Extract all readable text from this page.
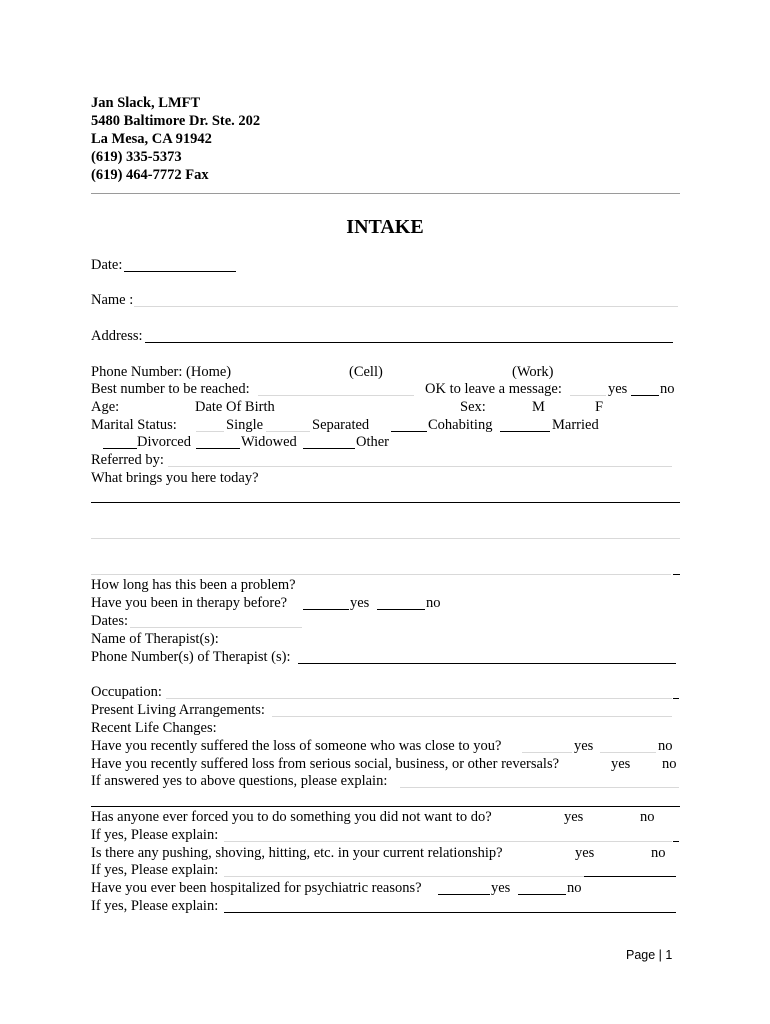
Jan Slack, LMFT
5480 Baltimore Dr. Ste. 202
La Mesa, CA 91942
(619) 335-5373
(619) 464-7772 Fax
INTAKE
Date:
Name :
Address:
Phone Number: (Home)	(Cell)	(Work)
Best number to be reached:	OK to leave a message:	yes no
Age:	Date Of Birth	Sex:	M	F
Marital Status:	Single	Separated	Cohabiting	Married
Divorced	Widowed	Other
Referred by:
What brings you here today?
How long has this been a problem?
Have you been in therapy before?	yes	no
Dates:
Name of Therapist(s):
Phone Number(s) of Therapist (s):
Occupation:
Present Living Arrangements:
Recent Life Changes:
Have you recently suffered the loss of someone who was close to you?	yes	no
Have you recently suffered loss from serious social, business, or other reversals?	yes no
If answered yes to above questions, please explain:
Has anyone ever forced you to do something you did not want to do?	yes	no
If yes, Please explain:
Is there any pushing, shoving, hitting, etc. in your current relationship?	yes	no
If yes, Please explain:
Have you ever been hospitalized for psychiatric reasons?	yes	no
If yes, Please explain:
Page | 1
